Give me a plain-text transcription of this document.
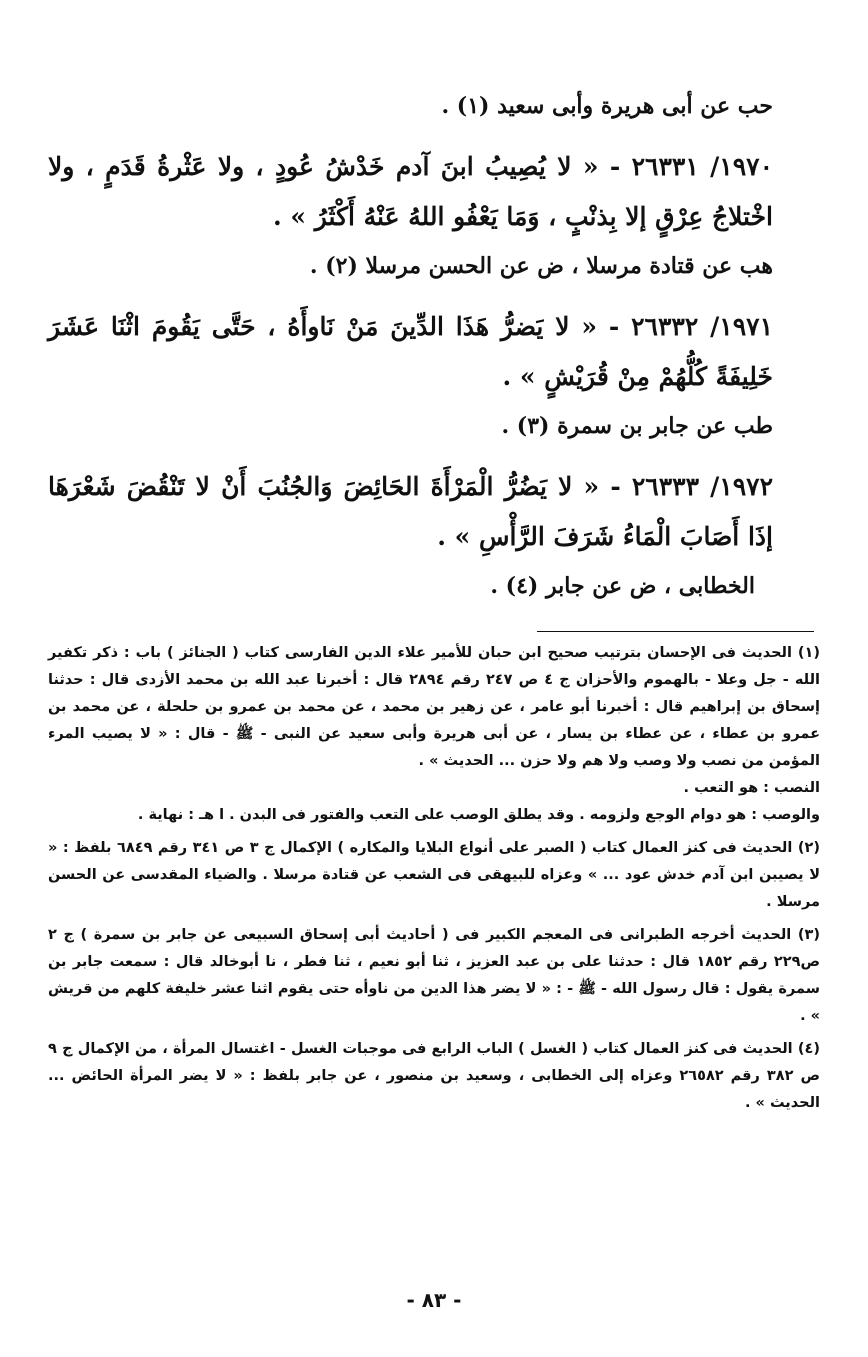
حب عن أبى هريرة وأبى سعيد (١) .

١٩٧٠/ ٢٦٣٣١ - « لا يُصِيبُ ابنَ آدم خَدْشُ عُودٍ ، ولا عَثْرةُ قَدَمٍ ، ولا اخْتلاجُ عِرْقٍ إلا بِذنْبٍ ، وَمَا يَعْفُو اللهُ عَنْهُ أَكْثَرُ » .

هب عن قتادة مرسلا ، ض عن الحسن مرسلا (٢) .

١٩٧١/ ٢٦٣٣٢ - « لا يَضرُّ هَذَا الدِّينَ مَنْ نَاوأَهُ ، حَتَّى يَقُومَ اثْنَا عَشَرَ خَلِيفَةً كُلُّهُمْ مِنْ قُرَيْشٍ » .

طب عن جابر بن سمرة (٣) .

١٩٧٢/ ٢٦٣٣٣ - « لا يَضُرُّ الْمَرْأَةَ الحَائِضَ وَالجُنُبَ أَنْ لا تَنْقُضَ شَعْرَهَا إذَا أَصَابَ الْمَاءُ شَرَفَ الرَّأْسِ » .

الخطابى ، ض عن جابر (٤) .

(١) الحديث فى الإحسان بترتيب صحيح ابن حبان للأمير علاء الدين الفارسى كتاب ( الجنائز ) باب : ذكر تكفير الله - جل وعلا - بالهموم والأحزان ج ٤ ص ٢٤٧ رقم ٢٨٩٤ قال : أخبرنا عبد الله بن محمد الأزدى قال : حدثنا إسحاق بن إبراهيم قال : أخبرنا أبو عامر ، عن زهير بن محمد ، عن محمد بن عمرو بن حلحلة ، عن محمد بن عمرو بن عطاء ، عن عطاء بن يسار ، عن أبى هريرة وأبى سعيد عن النبى - ﷺ - قال : « لا يصيب المرء المؤمن من نصب ولا وصب ولا هم ولا حزن ... الحديث » .
النصب : هو التعب .
والوصب : هو دوام الوجع ولزومه . وقد يطلق الوصب على التعب والفتور فى البدن . ا هـ : نهاية .
(٢) الحديث فى كنز العمال كتاب ( الصبر على أنواع البلايا والمكاره ) الإكمال ج ٣ ص ٣٤١ رقم ٦٨٤٩ بلفظ : « لا يصيبن ابن آدم خدش عود ... » وعزاه للبيهقى فى الشعب عن قتادة مرسلا . والضياء المقدسى عن الحسن مرسلا .
(٣) الحديث أخرجه الطبرانى فى المعجم الكبير فى ( أحاديث أبى إسحاق السبيعى عن جابر بن سمرة ) ج ٢ ص٢٢٩ رقم ١٨٥٢ قال : حدثنا على بن عبد العزيز ، ثنا أبو نعيم ، ثنا فطر ، نا أبوخالد قال : سمعت جابر بن سمرة يقول : قال رسول الله - ﷺ - : « لا يضر هذا الدين من ناوأه حتى يقوم اثنا عشر خليفة كلهم من قريش » .
(٤) الحديث فى كنز العمال كتاب ( الغسل ) الباب الرابع فى موجبات الغسل - اغتسال المرأة ، من الإكمال ج ٩ ص ٣٨٢ رقم ٢٦٥٨٢ وعزاه إلى الخطابى ، وسعيد بن منصور ، عن جابر بلفظ : « لا يضر المرأة الحائض ... الحديث » .
- ٨٣ -
